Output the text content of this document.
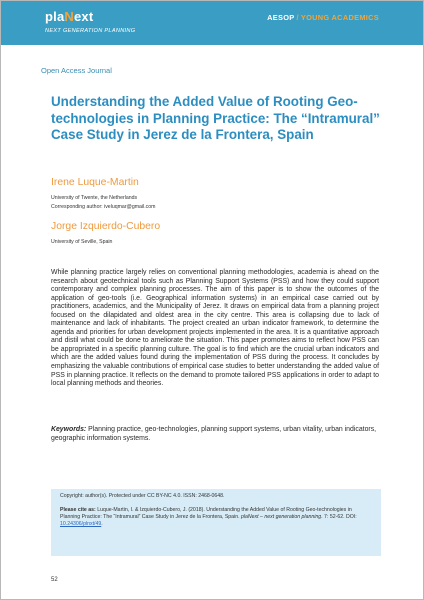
plaNext
NEXT GENERATION PLANNING
AESOP / YOUNG ACADEMICS
Open Access Journal
Understanding the Added Value of Rooting Geo-technologies in Planning Practice: The “Intramural” Case Study in Jerez de la Frontera, Spain
Irene Luque-Martin
University of Twente, the Netherlands
Corresponding author: iveluqmar@gmail.com
Jorge Izquierdo-Cubero
University of Seville, Spain

While planning practice largely relies on conventional planning methodologies, academia is ahead on the research about geotechnical tools such as Planning Support Systems (PSS) and how they could support contemporary and complex planning processes. The aim of this paper is to show the outcomes of the application of geo-tools (i.e. Geographical information systems) in an empirical case carried out by practitioners, academics, and the Municipality of Jerez. It draws on empirical data from a planning project focused on the dilapidated and oldest area in the city centre. This area is collapsing due to lack of maintenance and lack of inhabitants. The project created an urban indicator framework, to determine the agenda and priorities for urban development projects implemented in the area. It is a quantitative approach and distil what could be done to ameliorate the situation. This paper promotes aims to reflect how PSS can be appropriated in a specific planning culture. The goal is to find which are the crucial urban indicators and which are the added values found during the implementation of PSS during the process. It concludes by emphasizing the valuable contributions of empirical case studies to better understanding the added value of PSS in planning practice. It reflects on the demand to promote tailored PSS applications in order to adapt to local planning methods and theories.

Keywords: Planning practice, geo-technologies, planning support systems, urban vitality, urban indicators, geographic information systems.

Copyright: author(s). Protected under CC BY-NC 4.0. ISSN: 2468-0648.

Please cite as: Luque-Martin, I. & Izquierdo-Cubero, J. (2018). Understanding the Added Value of Rooting Geo-technologies in Planning Practice: The “Intramural” Case Study in Jerez de la Frontera, Spain. plaNext – next generation planning. 7: 52-62. DOI: 10.24306/plnxt/49.

52
